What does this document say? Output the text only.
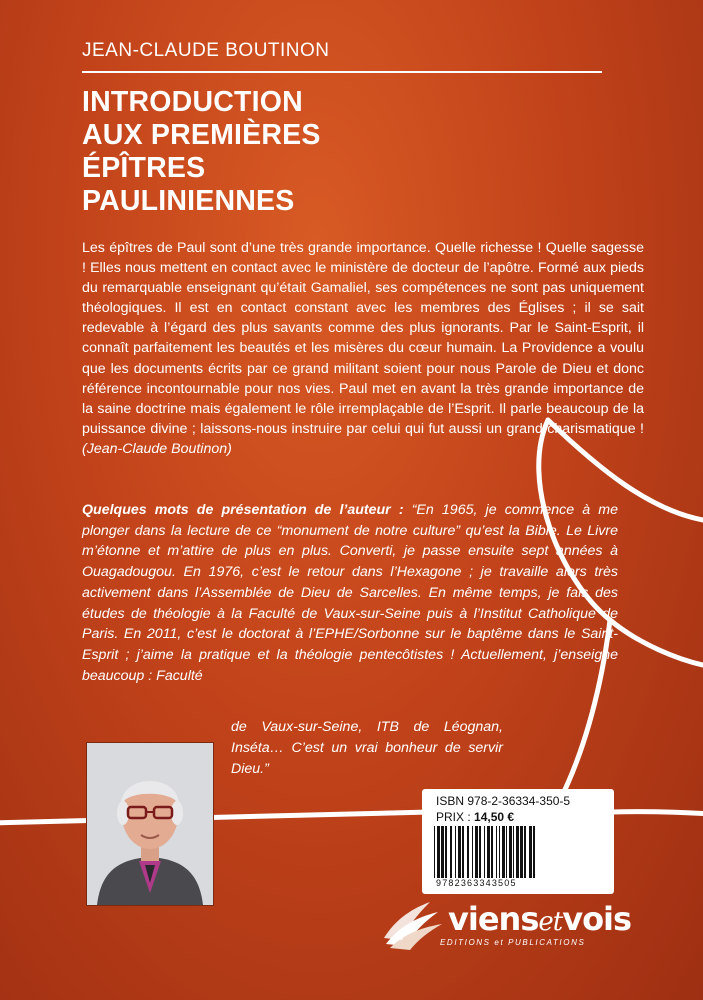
JEAN-CLAUDE BOUTINON
INTRODUCTION
AUX PREMIÈRES
ÉPÎTRES
PAULINIENNES
Les épîtres de Paul sont d’une très grande importance. Quelle richesse ! Quelle sagesse ! Elles nous mettent en contact avec le ministère de docteur de l’apôtre. Formé aux pieds du remarquable enseignant qu’était Gamaliel, ses compétences ne sont pas uniquement théologiques. Il est en contact constant avec les membres des Églises ; il se sait redevable à l’égard des plus savants comme des plus ignorants. Par le Saint-Esprit, il connaît parfaitement les beautés et les misères du cœur humain. La Providence a voulu que les documents écrits par ce grand militant soient pour nous Parole de Dieu et donc référence incontournable pour nos vies. Paul met en avant la très grande importance de la saine doctrine mais également le rôle irremplaçable de l’Esprit. Il parle beaucoup de la puissance divine ; laissons-nous instruire par celui qui fut aussi un grand charismatique ! (Jean-Claude Boutinon)
Quelques mots de présentation de l’auteur : “En 1965, je commence à me plonger dans la lecture de ce “monument de notre culture” qu’est la Bible. Le Livre m’étonne et m’attire de plus en plus. Converti, je passe ensuite sept années à Ouagadougou. En 1976, c’est le retour dans l’Hexagone ; je travaille alors très activement dans l’Assemblée de Dieu de Sarcelles. En même temps, je fais des études de théologie à la Faculté de Vaux-sur-Seine puis à l’Institut Catholique de Paris. En 2011, c’est le doctorat à l’EPHE/Sorbonne sur le baptême dans le Saint-Esprit ; j’aime la pratique et la théologie pentecôtistes ! Actuellement, j’enseigne beaucoup : Faculté
de Vaux-sur-Seine, ITB de Léognan, Inséta… C’est un vrai bonheur de servir Dieu.”
ISBN 978-2-36334-350-5
PRIX : 14,50 €
9782363343505
viensetvois
EDITIONS et PUBLICATIONS
